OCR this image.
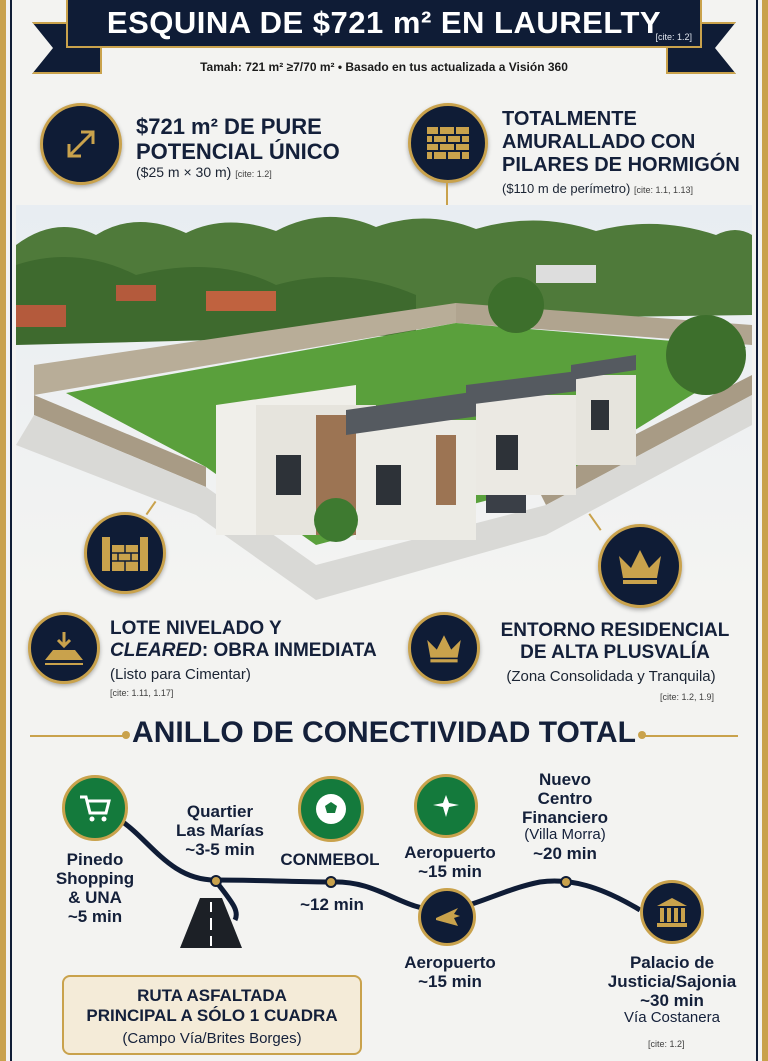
ESQUINA DE $721 m² EN LAURELTY
[cite: 1.2]
Tamah: 721 m² ≥7/70 m² • Basado en tus actualizada a Visión 360
$721 m² DE PURE
POTENCIAL ÚNICO
($25 m × 30 m) [cite: 1.2]
TOTALMENTE
AMURALLADO CON
PILARES DE HORMIGÓN
($110 m de perímetro) [cite: 1.1, 1.13]
LOTE NIVELADO Y
CLEARED: OBRA INMEDIATA
(Listo para Cimentar)
[cite: 1.11, 1.17]
ENTORNO RESIDENCIAL
DE ALTA PLUSVALÍA
(Zona Consolidada y Tranquila)
[cite: 1.2, 1.9]
ANILLO DE CONECTIVIDAD TOTAL
Pinedo
Shopping
& UNA
~5 min
Quartier
Las Marías
~3-5 min
CONMEBOL
~12 min
Aeropuerto
~15 min
Nuevo
Centro
Financiero
(Villa Morra)
~20 min
Aeropuerto
~15 min
Palacio de
Justicia/Sajonia
~30 min
Vía Costanera
[cite: 1.2]
RUTA ASFALTADA
PRINCIPAL A SÓLO 1 CUADRA
(Campo Vía/Brites Borges)
